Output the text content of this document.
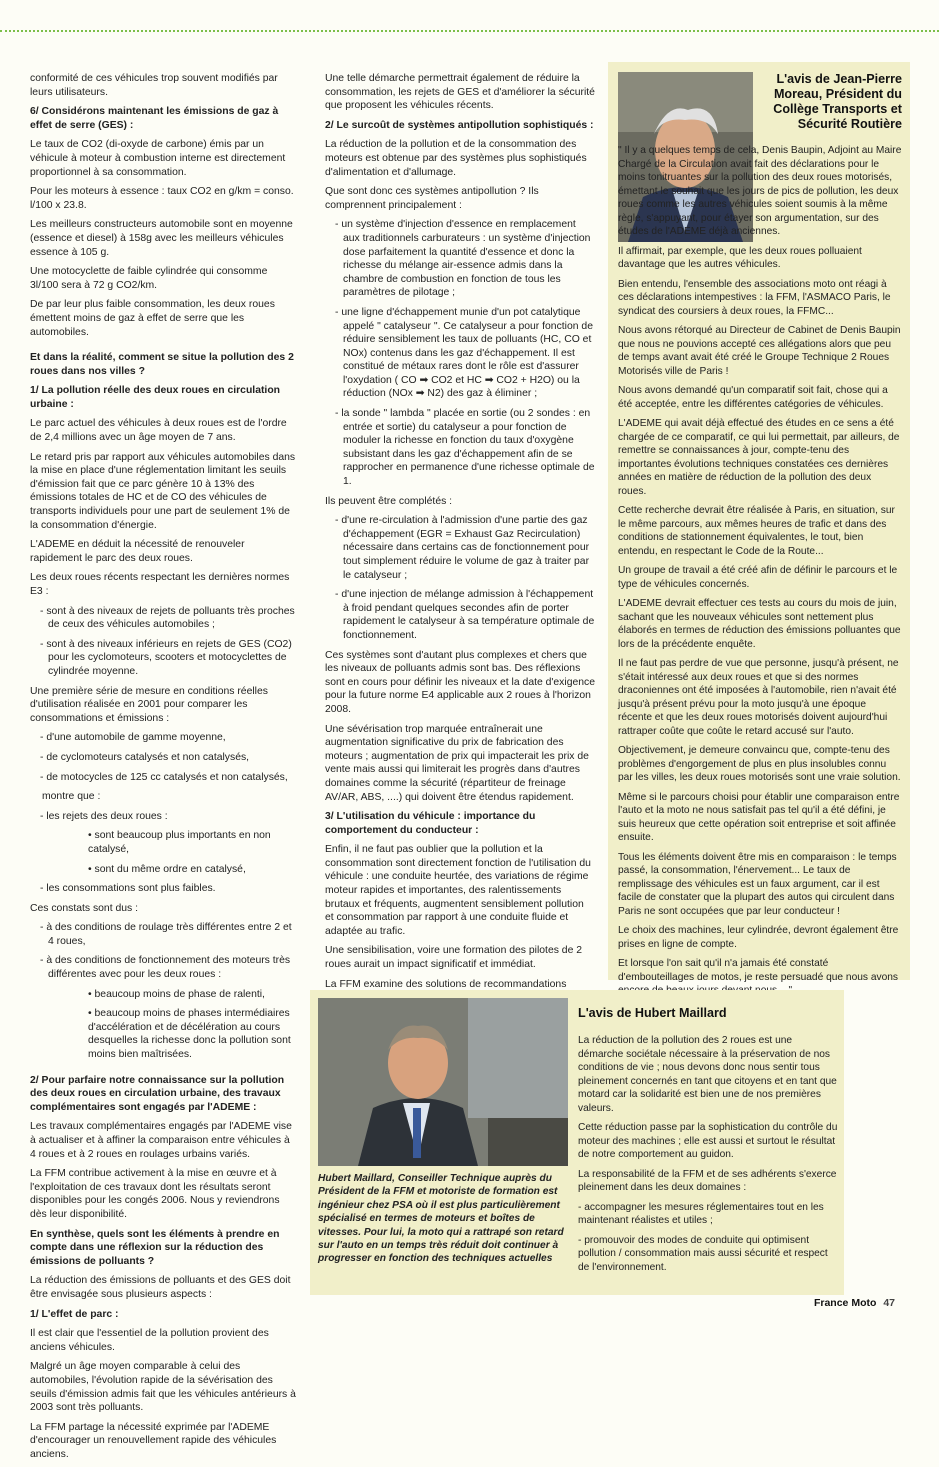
conformité de ces véhicules trop souvent modifiés par leurs utilisateurs.

6/ Considérons maintenant les émissions de gaz à effet de serre (GES) :

Le taux de CO2 (di-oxyde de carbone) émis par un véhicule à moteur à combustion interne est directement proportionnel à sa consommation.

Pour les moteurs à essence : taux CO2 en g/km = conso. l/100 x 23.8.

Les meilleurs constructeurs automobile sont en moyenne (essence et diesel) à 158g avec les meilleurs véhicules essence à 105 g.

Une motocyclette de faible cylindrée qui consomme 3l/100 sera à 72 g CO2/km.

De par leur plus faible consommation, les deux roues émettent moins de gaz à effet de serre que les automobiles.

Et dans la réalité, comment se situe la pollution des 2 roues dans nos villes ?
1/ La pollution réelle des deux roues en circulation urbaine :

Le parc actuel des véhicules à deux roues est de l'ordre de 2,4 millions avec un âge moyen de 7 ans.

Le retard pris par rapport aux véhicules automobiles dans la mise en place d'une réglementation limitant les seuils d'émission fait que ce parc génère 10 à 13% des émissions totales de HC et de CO des véhicules de transports individuels pour une part de seulement 1% de la consommation d'énergie.

L'ADEME en déduit la nécessité de renouveler rapidement le parc des deux roues.

Les deux roues récents respectant les dernières normes E3 :

- sont à des niveaux de rejets de polluants très proches de ceux des véhicules automobiles ;

- sont à des niveaux inférieurs en rejets de GES (CO2) pour les cyclomoteurs, scooters et motocyclettes de cylindrée moyenne.

Une première série de mesure en conditions réelles d'utilisation réalisée en 2001 pour comparer les consommations et émissions :

- d'une automobile de gamme moyenne,

- de cyclomoteurs catalysés et non catalysés,

- de motocycles de 125 cc catalysés et non catalysés,

montre que :

- les rejets des deux roues :

• sont beaucoup plus importants en non catalysé,

• sont du même ordre en catalysé,

- les consommations sont plus faibles.

Ces constats sont dus :

- à des conditions de roulage très différentes entre 2 et 4 roues,

- à des conditions de fonctionnement des moteurs très différentes avec pour les deux roues :

• beaucoup moins de phase de ralenti,

• beaucoup moins de phases intermédiaires d'accélération et de décélération au cours desquelles la richesse donc la pollution sont moins bien maîtrisées.

2/ Pour parfaire notre connaissance sur la pollution des deux roues en circulation urbaine, des travaux complémentaires sont engagés par l'ADEME :

Les travaux complémentaires engagés par l'ADEME vise à actualiser et à affiner la comparaison entre véhicules à 4 roues et à 2 roues en roulages urbains variés.

La FFM contribue activement à la mise en œuvre et à l'exploitation de ces travaux dont les résultats seront disponibles pour les congés 2006. Nous y reviendrons dès leur disponibilité.

En synthèse, quels sont les éléments à prendre en compte dans une réflexion sur la réduction des émissions de polluants ?

La réduction des émissions de polluants et des GES doit être envisagée sous plusieurs aspects :

1/ L'effet de parc :

Il est clair que l'essentiel de la pollution provient des anciens véhicules.

Malgré un âge moyen comparable à celui des automobiles, l'évolution rapide de la sévérisation des seuils d'émission admis fait que les véhicules antérieurs à 2003 sont très polluants.

La FFM partage la nécessité exprimée par l'ADEME d'encourager un renouvellement rapide des véhicules anciens.

Une telle démarche permettrait également de réduire la consommation, les rejets de GES et d'améliorer la sécurité que proposent les véhicules récents.

2/ Le surcoût de systèmes antipollution sophistiqués :

La réduction de la pollution et de la consommation des moteurs est obtenue par des systèmes plus sophistiqués d'alimentation et d'allumage.

Que sont donc ces systèmes antipollution ? Ils comprennent principalement :

- un système d'injection d'essence en remplacement aux traditionnels carburateurs : un système d'injection dose parfaitement la quantité d'essence et donc la richesse du mélange air-essence admis dans la chambre de combustion en fonction de tous les paramètres de pilotage ;

- une ligne d'échappement munie d'un pot catalytique appelé " catalyseur ". Ce catalyseur a pour fonction de réduire sensiblement les taux de polluants (HC, CO et NOx) contenus dans les gaz d'échappement. Il est constitué de métaux rares dont le rôle est d'assurer l'oxydation ( CO ➡ CO2 et HC ➡ CO2 + H2O) ou la réduction (NOx ➡ N2) des gaz à éliminer ;

- la sonde " lambda " placée en sortie (ou 2 sondes : en entrée et sortie) du catalyseur a pour fonction de moduler la richesse en fonction du taux d'oxygène subsistant dans les gaz d'échappement afin de se rapprocher en permanence d'une richesse optimale de 1.

Ils peuvent être complétés :

- d'une re-circulation à l'admission d'une partie des gaz d'échappement (EGR = Exhaust Gaz Recirculation) nécessaire dans certains cas de fonctionnement pour tout simplement réduire le volume de gaz à traiter par le catalyseur ;

- d'une injection de mélange admission à l'échappement à froid pendant quelques secondes afin de porter rapidement le catalyseur à sa température optimale de fonctionnement.

Ces systèmes sont d'autant plus complexes et chers que les niveaux de polluants admis sont bas. Des réflexions sont en cours pour définir les niveaux et la date d'exigence pour la future norme E4 applicable aux 2 roues à l'horizon 2008.

Une sévérisation trop marquée entraînerait une augmentation significative du prix de fabrication des moteurs ; augmentation de prix qui impacterait les prix de vente mais aussi qui limiterait les progrès dans d'autres domaines comme la sécurité (répartiteur de freinage AV/AR, ABS, ....) qui doivent être étendus rapidement.

3/ L'utilisation du véhicule : importance du comportement du conducteur :

Enfin, il ne faut pas oublier que la pollution et la consommation sont directement fonction de l'utilisation du véhicule : une conduite heurtée, des variations de régime moteur rapides et importantes, des ralentissements brutaux et fréquents, augmentent sensiblement pollution et consommation par rapport à une conduite fluide et adaptée au trafic.

Une sensibilisation, voire une formation des pilotes de 2 roues aurait un impact significatif et immédiat.

La FFM examine des solutions de recommandations

L'avis de Jean-Pierre Moreau, Président du Collège Transports et Sécurité Routière

" Il y a quelques temps de cela, Denis Baupin, Adjoint au Maire Chargé de la Circulation avait fait des déclarations pour le moins tonitruantes sur la pollution des deux roues motorisés, émettant le souhait que les jours de pics de pollution, les deux roues comme les autres véhicules soient soumis à la même règle, s'appuyant, pour étayer son argumentation, sur des études de l'ADEME déjà anciennes.

Il affirmait, par exemple, que les deux roues polluaient davantage que les autres véhicules.

Bien entendu, l'ensemble des associations moto ont réagi à ces déclarations intempestives : la FFM, l'ASMACO Paris, le syndicat des coursiers à deux roues, la FFMC...

Nous avons rétorqué au Directeur de Cabinet de Denis Baupin que nous ne pouvions accepté ces allégations alors que peu de temps avant avait été créé le Groupe Technique 2 Roues Motorisés ville de Paris !

Nous avons demandé qu'un comparatif soit fait, chose qui a été acceptée, entre les différentes catégories de véhicules.

L'ADEME qui avait déjà effectué des études en ce sens a été chargée de ce comparatif, ce qui lui permettait, par ailleurs, de remettre se connaissances à jour, compte-tenu des importantes évolutions techniques constatées ces dernières années en matière de réduction de la pollution des deux roues.

Cette recherche devrait être réalisée à Paris, en situation, sur le même parcours, aux mêmes heures de trafic et dans des conditions de stationnement équivalentes, le tout, bien entendu, en respectant le Code de la Route...

Un groupe de travail a été créé afin de définir le parcours et le type de véhicules concernés.

L'ADEME devrait effectuer ces tests au cours du mois de juin, sachant que les nouveaux véhicules sont nettement plus élaborés en termes de réduction des émissions polluantes que lors de la précédente enquête.

Il ne faut pas perdre de vue que personne, jusqu'à présent, ne s'était intéressé aux deux roues et que si des normes draconiennes ont été imposées à l'automobile, rien n'avait été jusqu'à présent prévu pour la moto jusqu'à une époque récente et que les deux roues motorisés doivent aujourd'hui rattraper coûte que coûte le retard accusé sur l'auto.

Objectivement, je demeure convaincu que, compte-tenu des problèmes d'engorgement de plus en plus insolubles connu par les villes, les deux roues motorisés sont une vraie solution.

Même si le parcours choisi pour établir une comparaison entre l'auto et la moto ne nous satisfait pas tel qu'il a été défini, je suis heureux que cette opération soit entreprise et soit affinée ensuite.

Tous les éléments doivent être mis en comparaison : le temps passé, la consommation, l'énervement... Le taux de remplissage des véhicules est un faux argument, car il est facile de constater que la plupart des autos qui circulent dans Paris ne sont occupées que par leur conducteur !

Le choix des machines, leur cylindrée, devront également être prises en ligne de compte.

Et lorsque l'on sait qu'il n'a jamais été constaté d'embouteillages de motos, je reste persuadé que nous avons

L'avis de Hubert Maillard

La réduction de la pollution des 2 roues est une démarche sociétale nécessaire à la préservation de nos conditions de vie ; nous devons donc nous sentir tous pleinement concernés en tant que citoyens et en tant que motard car la solidarité est bien une de nos premières valeurs.

Cette réduction passe par la sophistication du contrôle du moteur des machines ; elle est aussi et surtout le résultat de notre comportement au guidon.

La responsabilité de la FFM et de ses adhérents s'exerce pleinement dans les deux domaines :

- accompagner les mesures réglementaires tout en les maintenant réalistes et utiles ;

- promouvoir des modes de conduite qui optimisent pollution / consommation mais aussi sécurité et respect de l'environnement.

Hubert Maillard, Conseiller Technique auprès du Président de la FFM et motoriste de formation est ingénieur chez PSA où il est plus particulièrement spécialisé en termes de moteurs et boîtes de vitesses. Pour lui, la moto qui a rattrapé son retard sur l'auto en un temps très réduit doit continuer à progresser en fonction des techniques actuelles
France Moto 47
